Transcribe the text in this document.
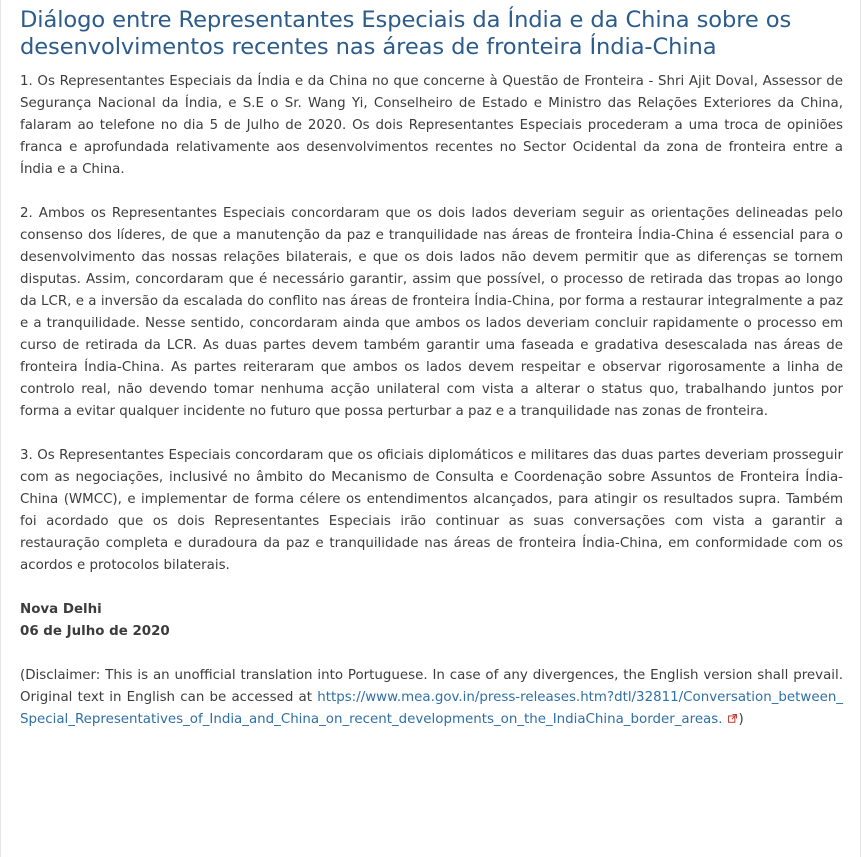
Diálogo entre Representantes Especiais da Índia e da China sobre os desenvolvimentos recentes nas áreas de fronteira Índia-China

1. Os Representantes Especiais da Índia e da China no que concerne à Questão de Fronteira - Shri Ajit Doval, Assessor de Segurança Nacional da Índia, e S.E o Sr. Wang Yi, Conselheiro de Estado e Ministro das Relações Exteriores da China, falaram ao telefone no dia 5 de Julho de 2020. Os dois Representantes Especiais procederam a uma troca de opiniões franca e aprofundada relativamente aos desenvolvimentos recentes no Sector Ocidental da zona de fronteira entre a Índia e a China.

2. Ambos os Representantes Especiais concordaram que os dois lados deveriam seguir as orientações delineadas pelo consenso dos líderes, de que a manutenção da paz e tranquilidade nas áreas de fronteira Índia-China é essencial para o desenvolvimento das nossas relações bilaterais, e que os dois lados não devem permitir que as diferenças se tornem disputas. Assim, concordaram que é necessário garantir, assim que possível, o processo de retirada das tropas ao longo da LCR, e a inversão da escalada do conflito nas áreas de fronteira Índia-China, por forma a restaurar integralmente a paz e a tranquilidade. Nesse sentido, concordaram ainda que ambos os lados deveriam concluir rapidamente o processo em curso de retirada da LCR. As duas partes devem também garantir uma faseada e gradativa desescalada nas áreas de fronteira Índia-China. As partes reiteraram que ambos os lados devem respeitar e observar rigorosamente a linha de controlo real, não devendo tomar nenhuma acção unilateral com vista a alterar o status quo, trabalhando juntos por forma a evitar qualquer incidente no futuro que possa perturbar a paz e a tranquilidade nas zonas de fronteira.

3. Os Representantes Especiais concordaram que os oficiais diplomáticos e militares das duas partes deveriam prosseguir com as negociações, inclusivé no âmbito do Mecanismo de Consulta e Coordenação sobre Assuntos de Fronteira Índia-China (WMCC), e implementar de forma célere os entendimentos alcançados, para atingir os resultados supra. Também foi acordado que os dois Representantes Especiais irão continuar as suas conversações com vista a garantir a restauração completa e duradoura da paz e tranquilidade nas áreas de fronteira Índia-China, em conformidade com os acordos e protocolos bilaterais.

Nova Delhi
06 de Julho de 2020

(Disclaimer: This is an unofficial translation into Portuguese. In case of any divergences, the English version shall prevail. Original text in English can be accessed at https://www.mea.gov.in/press-releases.htm?dtl/32811/Conversation_between_ Special_Representatives_of_India_and_China_on_recent_developments_on_the_IndiaChina_border_areas. )
